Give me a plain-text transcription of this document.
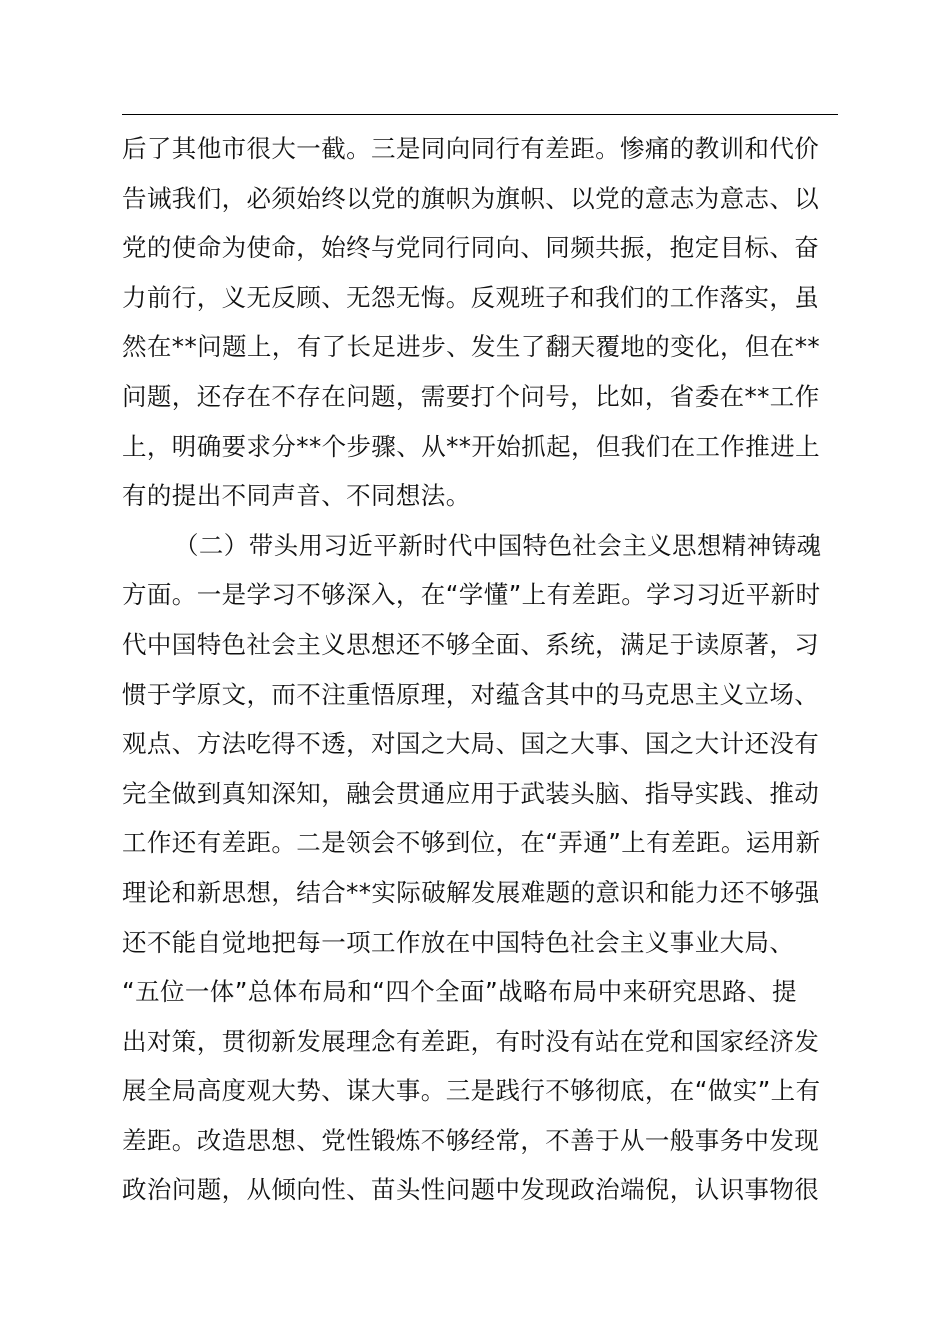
后了其他市很大一截。三是同向同行有差距。惨痛的教训和代价
告诫我们，必须始终以党的旗帜为旗帜、以党的意志为意志、以
党的使命为使命，始终与党同行同向、同频共振，抱定目标、奋
力前行，义无反顾、无怨无悔。反观班子和我们的工作落实，虽
然在**问题上，有了长足进步、发生了翻天覆地的变化，但在**
问题，还存在不存在问题，需要打个问号，比如，省委在**工作
上，明确要求分**个步骤、从**开始抓起，但我们在工作推进上
有的提出不同声音、不同想法。
（二）带头用习近平新时代中国特色社会主义思想精神铸魂
方面。一是学习不够深入，在“学懂”上有差距。学习习近平新时
代中国特色社会主义思想还不够全面、系统，满足于读原著，习
惯于学原文，而不注重悟原理，对蕴含其中的马克思主义立场、
观点、方法吃得不透，对国之大局、国之大事、国之大计还没有
完全做到真知深知，融会贯通应用于武装头脑、指导实践、推动
工作还有差距。二是领会不够到位，在“弄通”上有差距。运用新
理论和新思想，结合**实际破解发展难题的意识和能力还不够强
还不能自觉地把每一项工作放在中国特色社会主义事业大局、
“五位一体”总体布局和“四个全面”战略布局中来研究思路、提
出对策，贯彻新发展理念有差距，有时没有站在党和国家经济发
展全局高度观大势、谋大事。三是践行不够彻底，在“做实”上有
差距。改造思想、党性锻炼不够经常，不善于从一般事务中发现
政治问题，从倾向性、苗头性问题中发现政治端倪，认识事物很
